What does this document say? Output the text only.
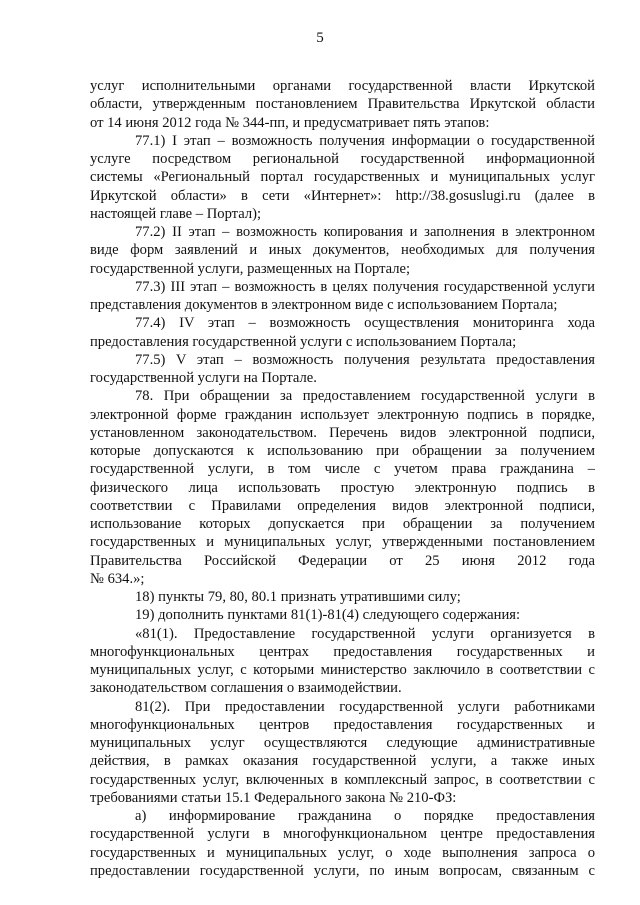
5
услуг исполнительными органами государственной власти Иркутской
области, утвержденным постановлением Правительства Иркутской области
от 14 июня 2012 года № 344-пп, и предусматривает пять этапов:
77.1) I этап – возможность получения информации о государственной
услуге посредством региональной государственной информационной
системы «Региональный портал государственных и муниципальных услуг
Иркутской области» в сети «Интернет»: http://38.gosuslugi.ru (далее в
настоящей главе – Портал);
77.2) II этап – возможность копирования и заполнения в электронном
виде форм заявлений и иных документов, необходимых для получения
государственной услуги, размещенных на Портале;
77.3) III этап – возможность в целях получения государственной услуги
представления документов в электронном виде с использованием Портала;
77.4) IV этап – возможность осуществления мониторинга хода
предоставления государственной услуги с использованием Портала;
77.5) V этап – возможность получения результата предоставления
государственной услуги на Портале.
78. При обращении за предоставлением государственной услуги в
электронной форме гражданин использует электронную подпись в порядке,
установленном законодательством. Перечень видов электронной подписи,
которые допускаются к использованию при обращении за получением
государственной услуги, в том числе с учетом права гражданина –
физического лица использовать простую электронную подпись в
соответствии с Правилами определения видов электронной подписи,
использование которых допускается при обращении за получением
государственных и муниципальных услуг, утвержденными постановлением
Правительства Российской Федерации от 25 июня 2012 года
№ 634.»;
18) пункты 79, 80, 80.1 признать утратившими силу;
19) дополнить пунктами 81(1)-81(4) следующего содержания:
«81(1). Предоставление государственной услуги организуется в
многофункциональных центрах предоставления государственных и
муниципальных услуг, с которыми министерство заключило в соответствии с
законодательством соглашения о взаимодействии.
81(2). При предоставлении государственной услуги работниками
многофункциональных центров предоставления государственных и
муниципальных услуг осуществляются следующие административные
действия, в рамках оказания государственной услуги, а также иных
государственных услуг, включенных в комплексный запрос, в соответствии с
требованиями статьи 15.1 Федерального закона № 210-ФЗ:
а) информирование гражданина о порядке предоставления
государственной услуги в многофункциональном центре предоставления
государственных и муниципальных услуг, о ходе выполнения запроса о
предоставлении государственной услуги, по иным вопросам, связанным с
